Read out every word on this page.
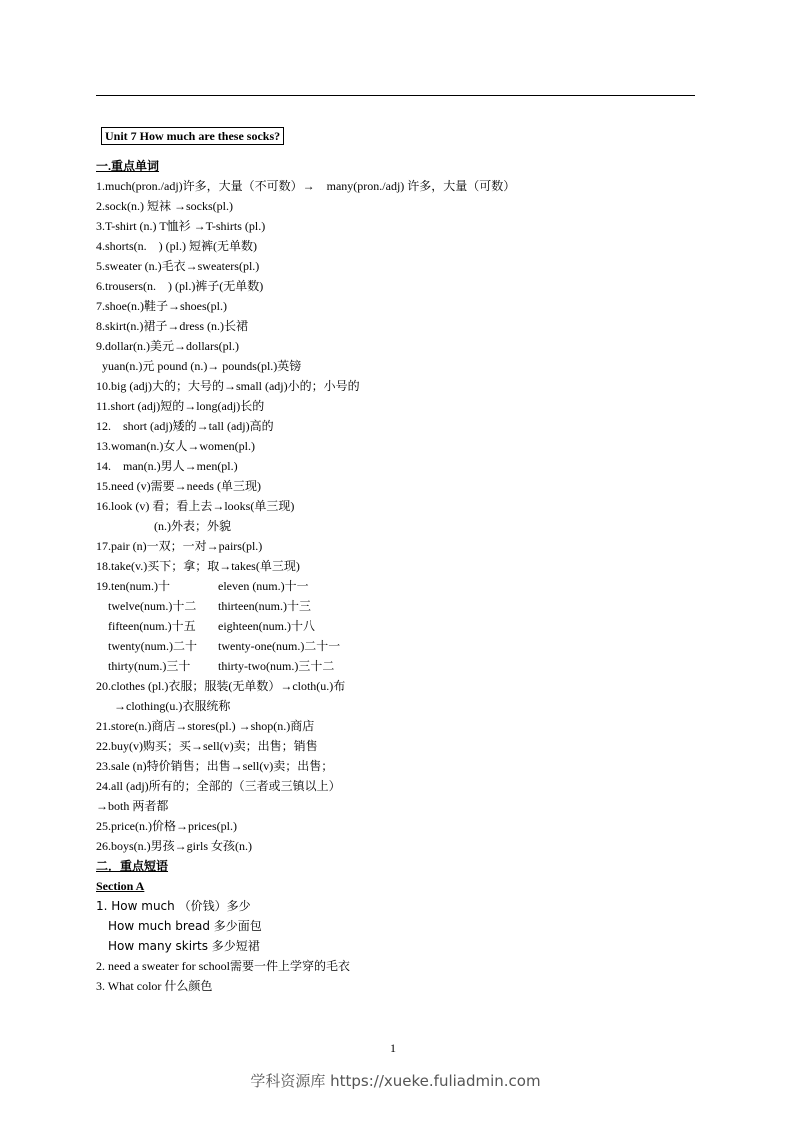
Unit 7 How much are these socks?
一.重点单词
1.much(pron./adj)许多，大量（不可数）→　many(pron./adj) 许多，大量（可数）
2.sock(n.) 短袜 →socks(pl.)
3.T-shirt (n.) T恤衫 →T-shirts (pl.)
4.shorts(n.　) (pl.) 短裤(无单数)
5.sweater (n.)毛衣→sweaters(pl.)
6.trousers(n.　) (pl.)裤子(无单数)
7.shoe(n.)鞋子→shoes(pl.)
8.skirt(n.)裙子→dress (n.)长裙
9.dollar(n.)美元→dollars(pl.)
yuan(n.)元 pound (n.)→ pounds(pl.)英镑
10.big (adj)大的；大号的→small (adj)小的；小号的
11.short (adj)短的→long(adj)长的
12.　short (adj)矮的→tall (adj)高的
13.woman(n.)女人→women(pl.)
14.　man(n.)男人→men(pl.)
15.need (v)需要→needs (单三现)
16.look (v) 看；看上去→looks(单三现)
(n.)外表；外貌
17.pair (n)一双；一对→pairs(pl.)
18.take(v.)买下；拿；取→takes(单三现)
19.ten(num.)十	eleven (num.)十一
twelve(num.)十二 thirteen(num.)十三
fifteen(num.)十五 eighteen(num.)十八
twenty(num.)二十 twenty-one(num.)二十一
thirty(num.)三十 thirty-two(num.)三十二
20.clothes (pl.)衣服；服装(无单数）→cloth(u.)布
→clothing(u.)衣服统称
21.store(n.)商店→stores(pl.) →shop(n.)商店
22.buy(v)购买；买→sell(v)卖；出售；销售
23.sale (n)特价销售；出售→sell(v)卖；出售；
24.all (adj)所有的；全部的（三者或三镇以上）
→both 两者都
25.price(n.)价格→prices(pl.)
26.boys(n.)男孩→girls 女孩(n.)
二．重点短语
Section A
1. How much （价钱）多少
How much bread 多少面包
How many skirts 多少短裙
2. need a sweater for school需要一件上学穿的毛衣
3. What color 什么颜色
1
学科资源库 https://xueke.fuliadmin.com
